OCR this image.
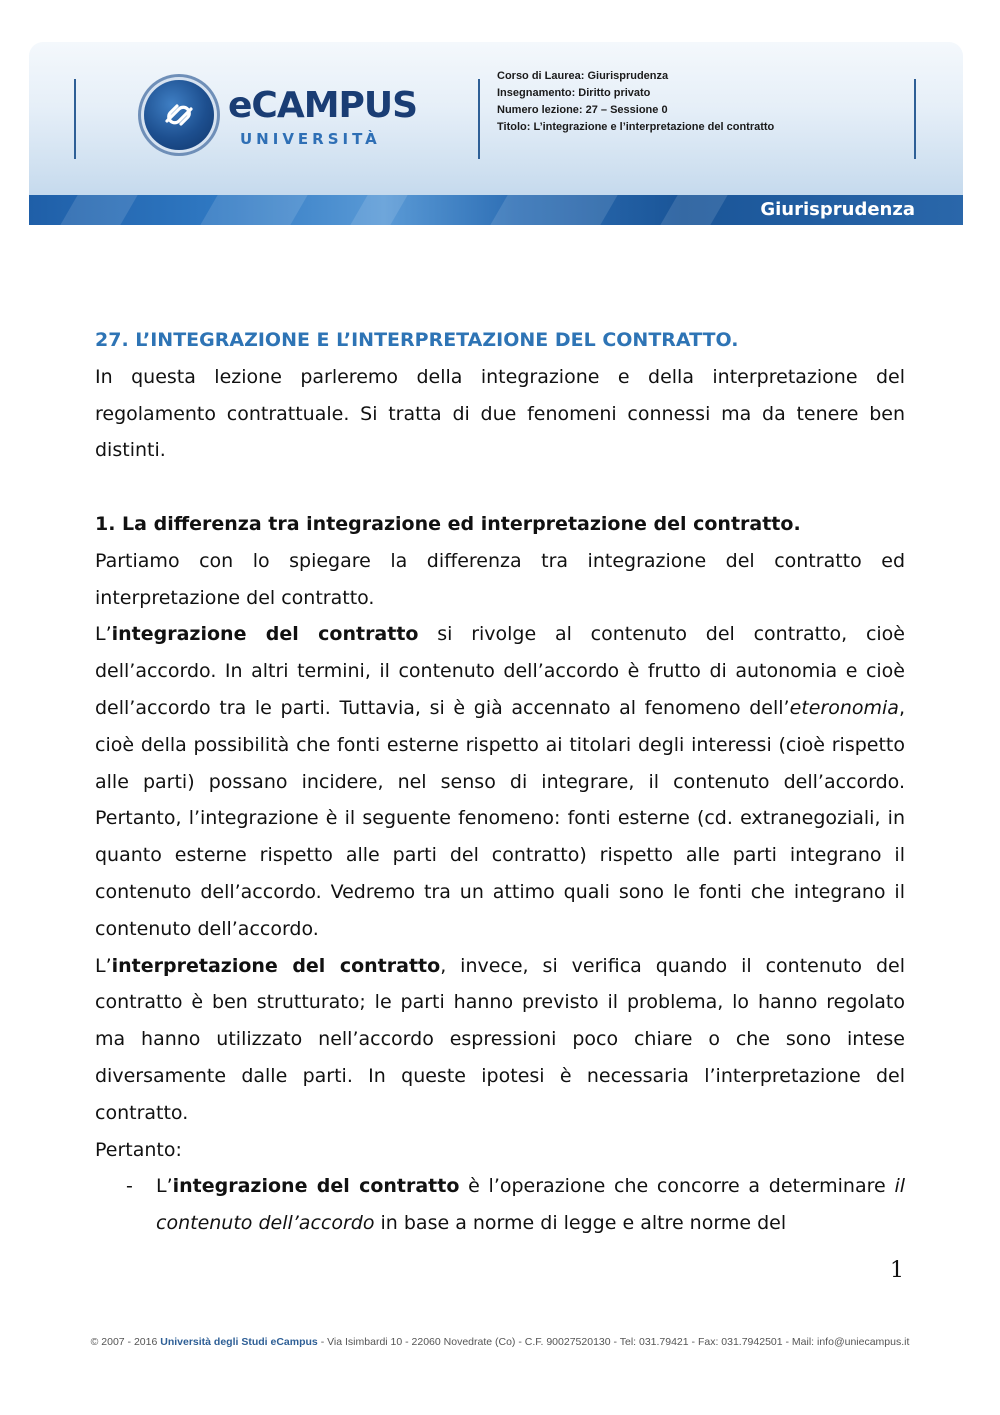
eCAMPUS
UNIVERSITÀ
Corso di Laurea: Giurisprudenza
Insegnamento: Diritto privato
Numero lezione: 27 – Sessione 0
Titolo: L’integrazione e l’interpretazione del contratto
Giurisprudenza

27. L’INTEGRAZIONE E L’INTERPRETAZIONE DEL CONTRATTO.

In questa lezione parleremo della integrazione e della interpretazione del regolamento contrattuale. Si tratta di due fenomeni connessi ma da tenere ben distinti.

1. La differenza tra integrazione ed interpretazione del contratto.

Partiamo con lo spiegare la differenza tra integrazione del contratto ed interpretazione del contratto.

L’integrazione del contratto si rivolge al contenuto del contratto, cioè dell’accordo. In altri termini, il contenuto dell’accordo è frutto di autonomia e cioè dell’accordo tra le parti. Tuttavia, si è già accennato al fenomeno dell’eteronomia, cioè della possibilità che fonti esterne rispetto ai titolari degli interessi (cioè rispetto alle parti) possano incidere, nel senso di integrare, il contenuto dell’accordo. Pertanto, l’integrazione è il seguente fenomeno: fonti esterne (cd. extranegoziali, in quanto esterne rispetto alle parti del contratto) rispetto alle parti integrano il contenuto dell’accordo. Vedremo tra un attimo quali sono le fonti che integrano il contenuto dell’accordo.

L’interpretazione del contratto, invece, si verifica quando il contenuto del contratto è ben strutturato; le parti hanno previsto il problema, lo hanno regolato ma hanno utilizzato nell’accordo espressioni poco chiare o che sono intese diversamente dalle parti. In queste ipotesi è necessaria l’interpretazione del contratto.

Pertanto:

- L’integrazione del contratto è l’operazione che concorre a determinare il contenuto dell’accordo in base a norme di legge e altre norme del

1
© 2007 - 2016 Università degli Studi eCampus - Via Isimbardi 10 - 22060 Novedrate (Co) - C.F. 90027520130 - Tel: 031.79421 - Fax: 031.7942501 - Mail: info@uniecampus.it
